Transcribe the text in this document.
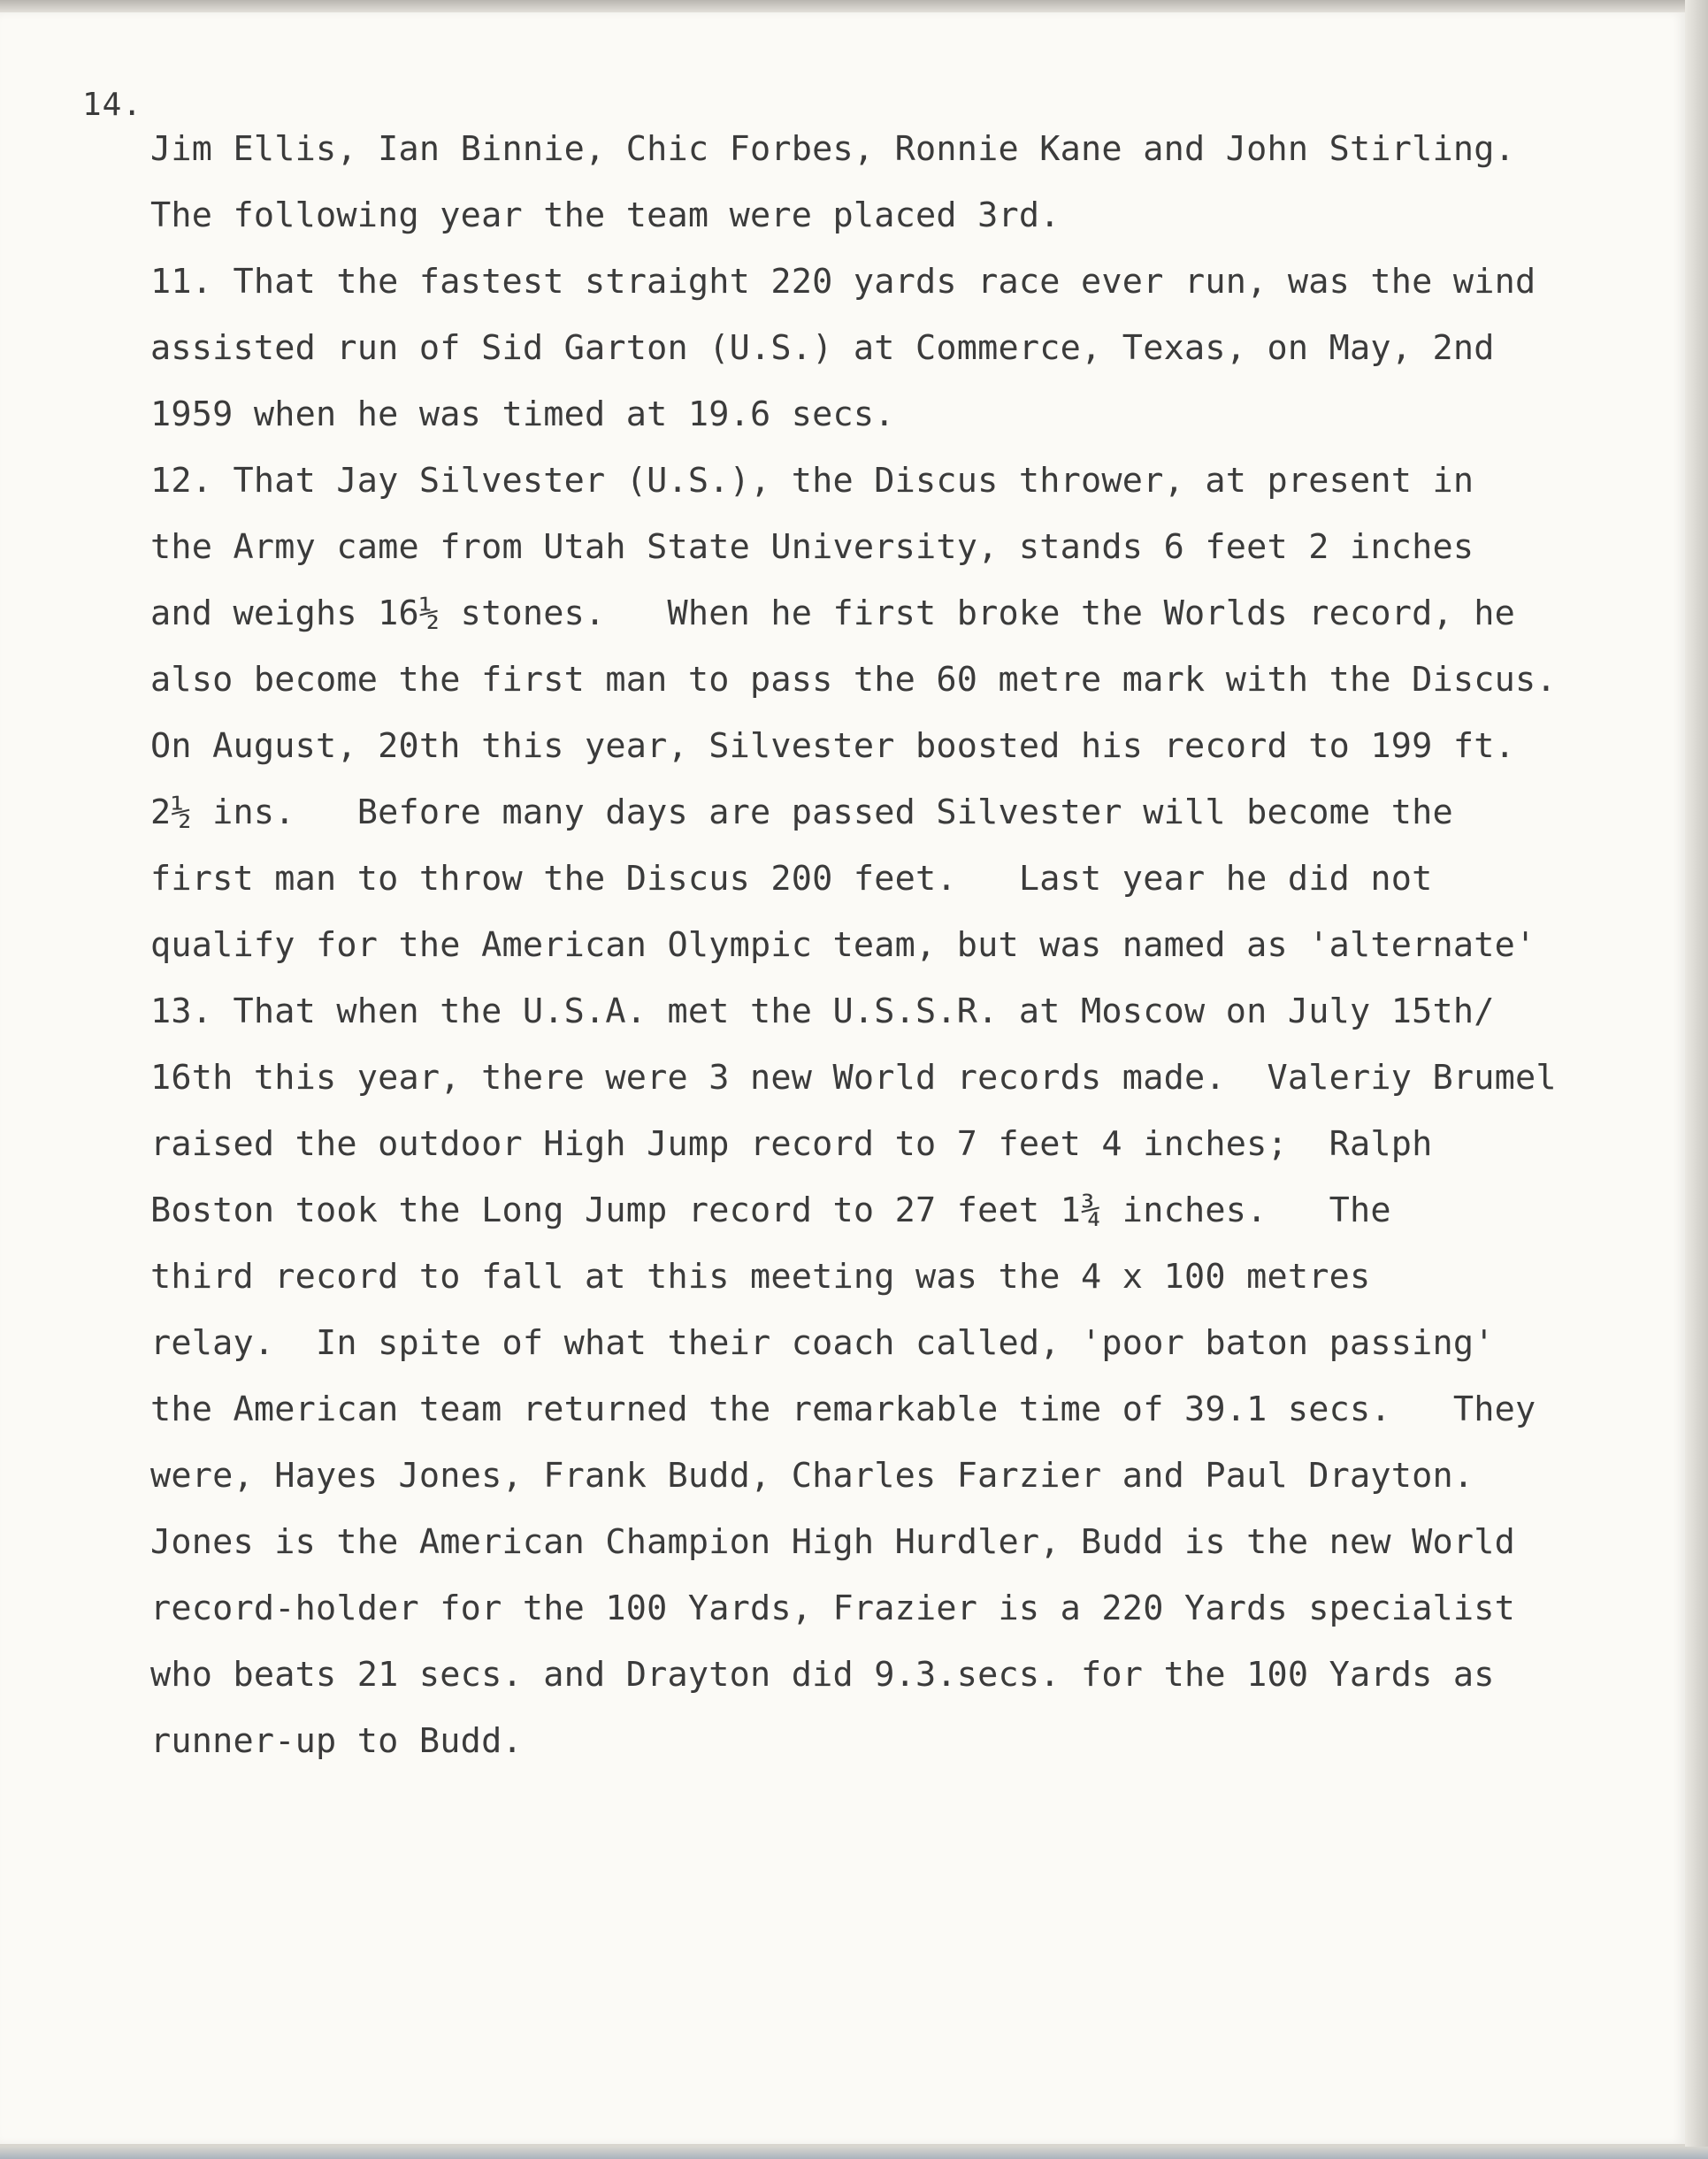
14.
Jim Ellis, Ian Binnie, Chic Forbes, Ronnie Kane and John Stirling.
The following year the team were placed 3rd.
11. That the fastest straight 220 yards race ever run, was the wind
assisted run of Sid Garton (U.S.) at Commerce, Texas, on May, 2nd
1959 when he was timed at 19.6 secs.
12. That Jay Silvester (U.S.), the Discus thrower, at present in
the Army came from Utah State University, stands 6 feet 2 inches
and weighs 16½ stones.   When he first broke the Worlds record, he
also become the first man to pass the 60 metre mark with the Discus.
On August, 20th this year, Silvester boosted his record to 199 ft.
2½ ins.   Before many days are passed Silvester will become the
first man to throw the Discus 200 feet.   Last year he did not
qualify for the American Olympic team, but was named as 'alternate'
13. That when the U.S.A. met the U.S.S.R. at Moscow on July 15th/
16th this year, there were 3 new World records made.  Valeriy Brumel
raised the outdoor High Jump record to 7 feet 4 inches;  Ralph
Boston took the Long Jump record to 27 feet 1¾ inches.   The
third record to fall at this meeting was the 4 x 100 metres
relay.  In spite of what their coach called, 'poor baton passing'
the American team returned the remarkable time of 39.1 secs.   They
were, Hayes Jones, Frank Budd, Charles Farzier and Paul Drayton.
Jones is the American Champion High Hurdler, Budd is the new World
record-holder for the 100 Yards, Frazier is a 220 Yards specialist
who beats 21 secs. and Drayton did 9.3.secs. for the 100 Yards as
runner-up to Budd.
